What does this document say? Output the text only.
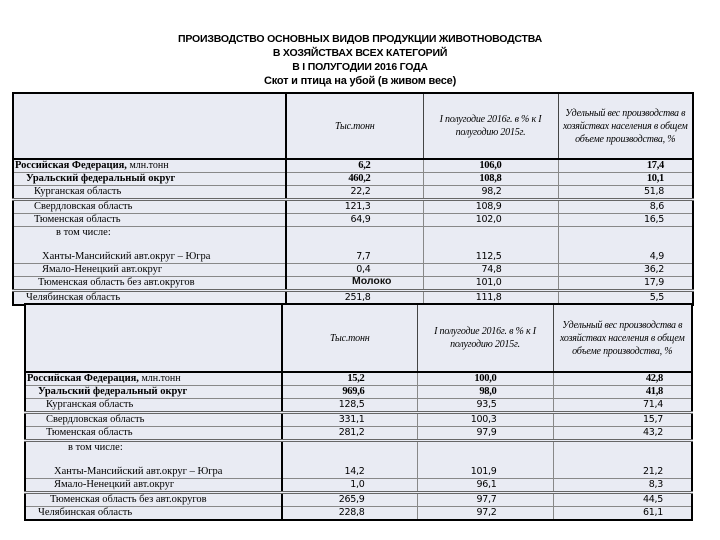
ПРОИЗВОДСТВО ОСНОВНЫХ ВИДОВ ПРОДУКЦИИ ЖИВОТНОВОДСТВА
В ХОЗЯЙСТВАХ ВСЕХ КАТЕГОРИЙ
В I ПОЛУГОДИИ 2016 ГОДА
Скот и птица на убой (в живом весе)
	Тыс.тонн	I полугодие 2016г. в % к I полугодию 2015г.	Удельный вес производства в хозяйствах населения в общем объеме производства, %
Российская Федерация, млн.тонн	6,2	106,0	17,4
Уральский федеральный округ	460,2	108,8	10,1
Курганская область	22,2	98,2	51,8
Свердловская область	121,3	108,9	8,6
Тюменская область	64,9	102,0	16,5

в том числе:
Ханты-Мансийский авт.округ – Югра	7,7	112,5	4,9
Ямало-Ненецкий авт.округ	0,4	74,8	36,2
Тюменская область без авт.округов		101,0	17,9
Челябинская область	251,8	111,8	5,5
Молоко
	Тыс.тонн	I полугодие 2016г. в % к I полугодию 2015г.	Удельный вес производства в хозяйствах населения в общем объеме производства, %
Российская Федерация, млн.тонн	15,2	100,0	42,8
Уральский федеральный округ	969,6	98,0	41,8
Курганская область	128,5	93,5	71,4
Свердловская область	331,1	100,3	15,7
Тюменская область	281,2	97,9	43,2

в том числе:
Ханты-Мансийский авт.округ – Югра	14,2	101,9	21,2
Ямало-Ненецкий авт.округ	1,0	96,1	8,3
Тюменская область без авт.округов	265,9	97,7	44,5
Челябинская область	228,8	97,2	61,1
